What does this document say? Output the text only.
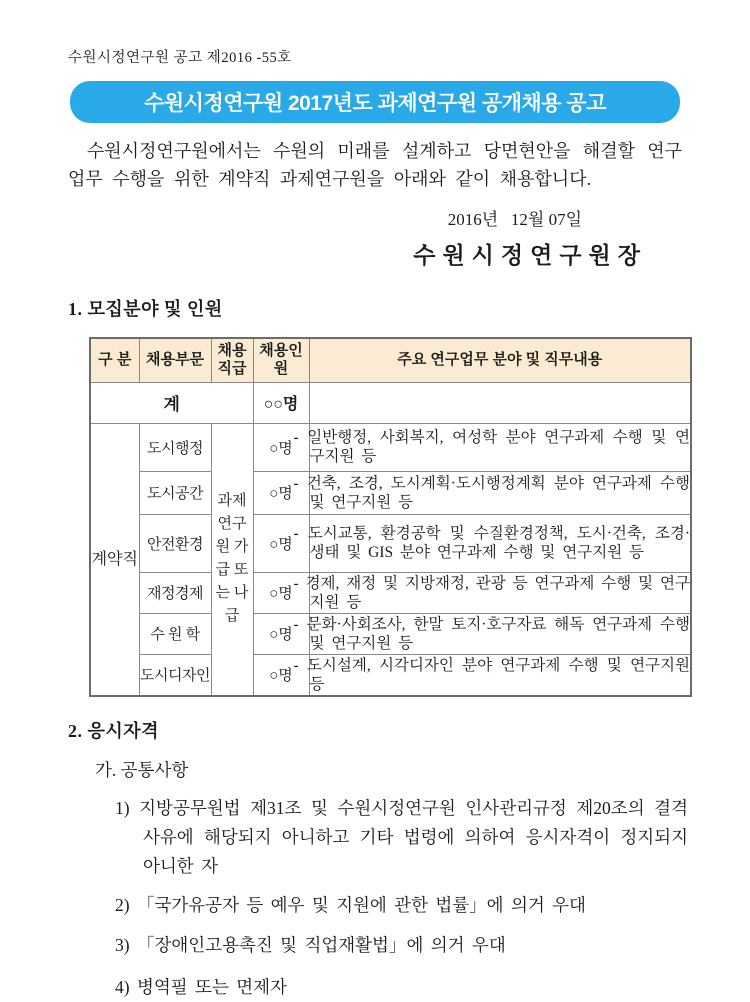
수원시정연구원 공고 제2016 -55호
수원시정연구원 2017년도 과제연구원 공개채용 공고

수원시정연구원에서는 수원의 미래를 설계하고 당면현안을 해결할 연구업무 수행을 위한 계약직 과제연구원을 아래와 같이 채용합니다.

2016년   12월 07일
수원시정연구원장
1. 모집분야 및 인원
구 분	채용부문	채용직급	채용인원	주요 연구업무 분야 및 직무내용
계			○○명	
계약직	도시행정	과제연구원 가급 또는 나급	○명	- 일반행정, 사회복지, 여성학 분야 연구과제 수행 및 연구지원 등
	도시공간		○명	- 건축, 조경, 도시계획·도시행정계획 분야 연구과제 수행 및 연구지원 등
	안전환경		○명	- 도시교통, 환경공학 및 수질환경정책, 도시·건축, 조경·생태 및 GIS 분야 연구과제 수행 및 연구지원 등
	재정경제		○명	- 경제, 재정 및 지방재정, 관광 등 연구과제 수행 및 연구지원 등
	수 원 학		○명	- 문화·사회조사, 한말 토지·호구자료 해독 연구과제 수행 및 연구지원 등
	도시디자인		○명	- 도시설계, 시각디자인 분야 연구과제 수행 및 연구지원 등
2. 응시자격
가. 공통사항

1) 지방공무원법 제31조 및 수원시정연구원 인사관리규정 제20조의 결격사유에 해당되지 아니하고 기타 법령에 의하여 응시자격이 정지되지 아니한 자

2) 「국가유공자 등 예우 및 지원에 관한 법률」에 의거 우대

3) 「장애인고용촉진 및 직업재활법」에 의거 우대

4) 병역필 또는 면제자
